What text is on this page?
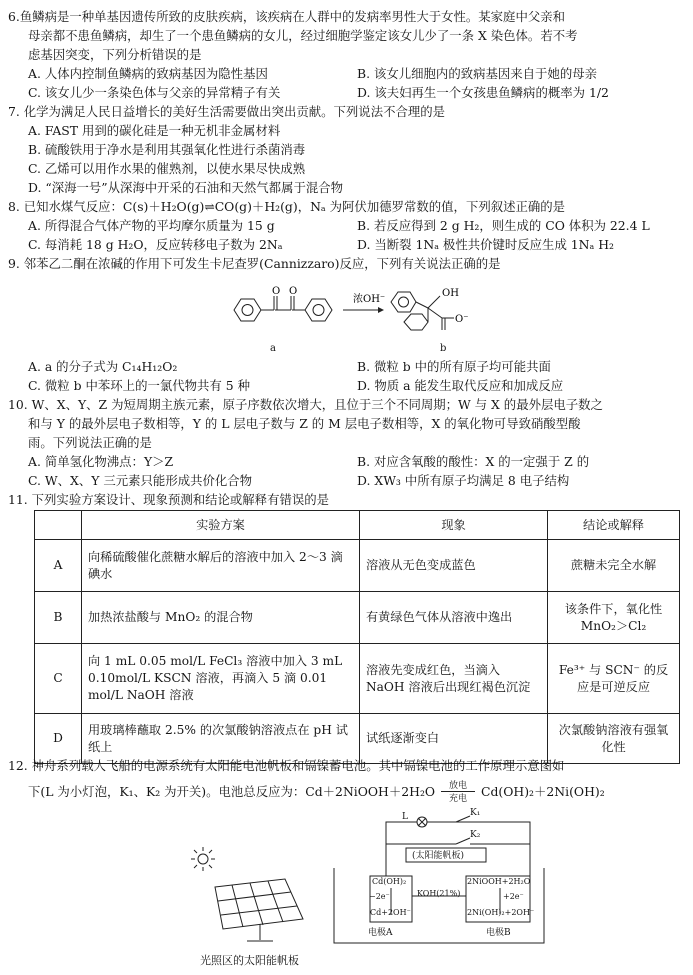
6.鱼鳞病是一种单基因遗传所致的皮肤疾病，该疾病在人群中的发病率男性大于女性。某家庭中父亲和
母亲都不患鱼鳞病，却生了一个患鱼鳞病的女儿，经过细胞学鉴定该女儿少了一条 X 染色体。若不考
虑基因突变，下列分析错误的是
A. 人体内控制鱼鳞病的致病基因为隐性基因	B. 该女儿细胞内的致病基因来自于她的母亲
C. 该女儿少一条染色体与父亲的异常精子有关	D. 该夫妇再生一个女孩患鱼鳞病的概率为 1/2
7. 化学为满足人民日益增长的美好生活需要做出突出贡献。下列说法不合理的是
A. FAST 用到的碳化硅是一种无机非金属材料
B. 硫酸铁用于净水是利用其强氧化性进行杀菌消毒
C. 乙烯可以用作水果的催熟剂，以使水果尽快成熟
D. “深海一号”从深海中开采的石油和天然气都属于混合物
8. 已知水煤气反应：C(s)＋H₂O(g)⇌CO(g)＋H₂(g)，Nₐ 为阿伏加德罗常数的值，下列叙述正确的是
A. 所得混合气体产物的平均摩尔质量为 15 g	B. 若反应得到 2 g H₂，则生成的 CO 体积为 22.4 L
C. 每消耗 18 g H₂O，反应转移电子数为 2Nₐ	D. 当断裂 1Nₐ 极性共价键时反应生成 1Nₐ H₂
9. 邻苯乙二酮在浓碱的作用下可发生卡尼查罗(Cannizzaro)反应，下列有关说法正确的是
O O	OH
O⁻
浓OH⁻
a	b
A. a 的分子式为 C₁₄H₁₂O₂	B. 微粒 b 中的所有原子均可能共面
C. 微粒 b 中苯环上的一氯代物共有 5 种	D. 物质 a 能发生取代反应和加成反应
10. W、X、Y、Z 为短周期主族元素，原子序数依次增大，且位于三个不同周期；W 与 X 的最外层电子数之
和与 Y 的最外层电子数相等，Y 的 L 层电子数与 Z 的 M 层电子数相等，X 的氧化物可导致硝酸型酸
雨。下列说法正确的是
A. 简单氢化物沸点：Y＞Z	B. 对应含氧酸的酸性：X 的一定强于 Z 的
C. W、X、Y 三元素只能形成共价化合物	D. XW₃ 中所有原子均满足 8 电子结构
11. 下列实验方案设计、现象预测和结论或解释有错误的是
	实验方案	现象	结论或解释
A	向稀硫酸催化蔗糖水解后的溶液中加入 2～3 滴碘水	溶液从无色变成蓝色	蔗糖未完全水解
B	加热浓盐酸与 MnO₂ 的混合物	有黄绿色气体从溶液中逸出	该条件下，氧化性 MnO₂＞Cl₂
C	向 1 mL 0.05 mol/L FeCl₃ 溶液中加入 3 mL 0.10mol/L KSCN 溶液，再滴入 5 滴 0.01 mol/L NaOH 溶液	溶液先变成红色，当滴入 NaOH 溶液后出现红褐色沉淀	Fe³⁺ 与 SCN⁻ 的反应是可逆反应
D	用玻璃棒蘸取 2.5% 的次氯酸钠溶液点在 pH 试纸上	试纸逐渐变白	次氯酸钠溶液有强氧化性
12. 神舟系列载人飞船的电源系统有太阳能电池帆板和镉镍蓄电池。其中镉镍电池的工作原理示意图如
下(L 为小灯泡，K₁、K₂ 为开关)。电池总反应为：Cd＋2NiOOH＋2H₂O	放电
充电	Cd(OH)₂＋2Ni(OH)₂
光照区的太阳能帆板
L	K₁
K₂
(太阳能帆板)
Cd(OH)₂
−2e⁻
Cd+2OH⁻
KOH(21%)
2NiOOH+2H₂O
+2e⁻
2Ni(OH)₂+2OH⁻
电极A	电极B
